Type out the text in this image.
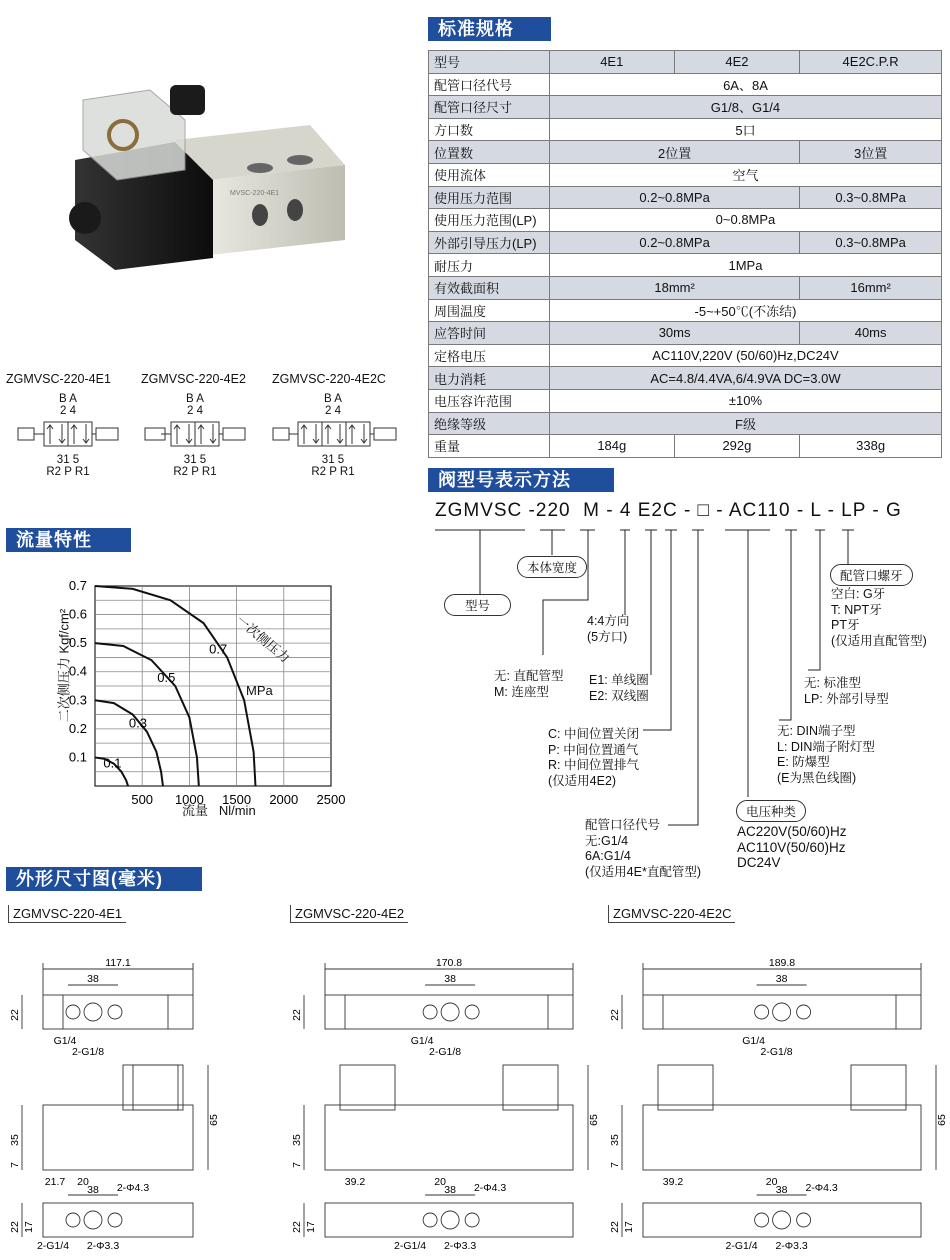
MVSC-220-4E1
标准规格
型号	4E1	4E2	4E2C.P.R
配管口径代号	6A、8A		
配管口径尺寸	G1/8、G1/4		
方口数	5口		
位置数	2位置		3位置
使用流体	空气		
使用压力范围	0.2~0.8MPa		0.3~0.8MPa
使用压力范围(LP)	0~0.8MPa		
外部引导压力(LP)	0.2~0.8MPa		0.3~0.8MPa
耐压力	1MPa		
有效截面积	18mm²		16mm²
周围温度	-5~+50℃(不冻结)		
应答时间	30ms		40ms
定格电压	AC110V,220V (50/60)Hz,DC24V		
电力消耗	AC=4.8/4.4VA,6/4.9VA DC=3.0W		
电压容许范围	±10%		
绝缘等级	F级		
重量	184g	292g	338g
ZGMVSC-220-4E1 ZGMVSC-220-4E2 ZGMVSC-220-4E2C
B A
2 4
31 5
R2 P R1
B A
2 4
31 5
R2 P R1
B A
2 4
31 5
R2 P R1
流量特性
二次侧压力 Kgf/cm²
0.1
0.2
0.3
0.4
0.5
0.6
0.7
500 1000 1500 2000 2500
0.1
0.3
0.5
0.7
流量   Nl/min
一次侧压力
MPa
阀型号表示方法
ZGMVSC -220  M - 4 E2C - □ - AC110 - L - LP - G
本体宽度
型号
配管口螺牙
电压种类
空白: G牙
T: NPT牙
PT牙
(仅适用直配管型)
4:4方向
(5方口)
无: 直配管型
M: 连座型
E1: 单线圈
E2: 双线圈
无: 标准型
LP: 外部引导型
无: DIN端子型
L: DIN端子附灯型
E: 防爆型
(E为黑色线圈)
C: 中间位置关闭
P: 中间位置通气
R: 中间位置排气
(仅适用4E2)
配管口径代号
无:G1/4
6A:G1/4
(仅适用4E*直配管型)
AC220V(50/60)Hz
AC110V(50/60)Hz
DC24V
外形尺寸图(毫米)
ZGMVSC-220-4E1
117.1
38
22
G1/4
2-G1/8
65
35
7
21.7 20	2-Φ4.3
38
22 17
2-G1/4 2-Φ3.3
ZGMVSC-220-4E2
170.8
38
22
G1/4
2-G1/8
65
35
7
39.2	20	2-Φ4.3
38
22 17
2-G1/4 2-Φ3.3
ZGMVSC-220-4E2C
189.8
38
22
G1/4
2-G1/8
65
35
7
39.2	20	2-Φ4.3
38
22 17
2-G1/4 2-Φ3.3
